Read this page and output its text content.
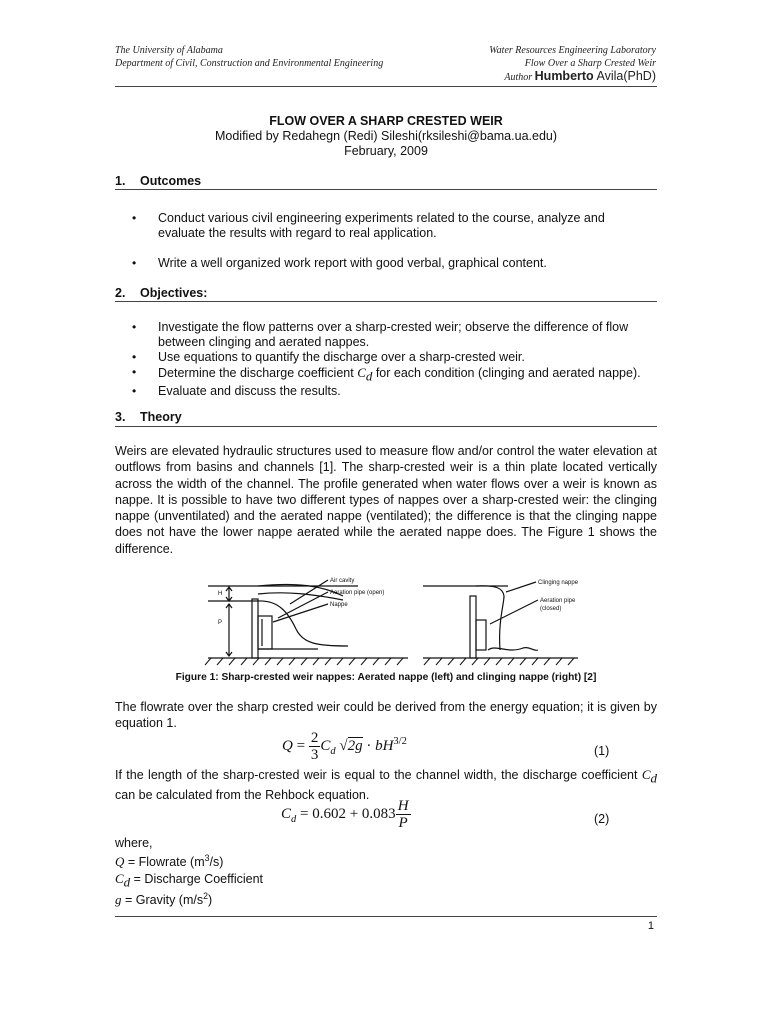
The University of Alabama
Department of Civil, Construction and Environmental Engineering
Water Resources Engineering Laboratory
Flow Over a Sharp Crested Weir
Author Humberto Avila(PhD)
FLOW OVER A SHARP CRESTED WEIR
Modified by Redahegn (Redi) Sileshi(rksileshi@bama.ua.edu)
February, 2009
1. Outcomes
• Conduct various civil engineering experiments related to the course, analyze and evaluate the results with regard to real application.
• Write a well organized work report with good verbal, graphical content.
2. Objectives:
• Investigate the flow patterns over a sharp-crested weir; observe the difference of flow between clinging and aerated nappes.
• Use equations to quantify the discharge over a sharp-crested weir.
• Determine the discharge coefficient $C_d$ for each condition (clinging and aerated nappe).
• Evaluate and discuss the results.
3. Theory
Weirs are elevated hydraulic structures used to measure flow and/or control the water elevation at outflows from basins and channels [1]. The sharp-crested weir is a thin plate located vertically across the width of the channel. The profile generated when water flows over a weir is known as nappe. It is possible to have two different types of nappes over a sharp-crested weir: the clinging nappe (unventilated) and the aerated nappe (ventilated); the difference is that the clinging nappe does not have the lower nappe aerated while the aerated nappe does. The Figure 1 shows the difference.
H
P
Air cavity
Aeration pipe (open)
Nappe
Clinging nappe
Aeration pipe
(closed)
Figure 1: Sharp-crested weir nappes: Aerated nappe (left) and clinging nappe (right) [2]
The flowrate over the sharp crested weir could be derived from the energy equation; it is given by equation 1.
$Q = \frac{2}{3} C_d$ $√2g \cdot bH^{3/2}$
(1)
If the length of the sharp-crested weir is equal to the channel width, the discharge coefficient $C_d$ can be calculated from the Rehbock equation.
$C_d = 0.602 + 0.083 \frac{H}{P}$	(2)
where,
Q = Flowrate $(m^3/s)$
$C_d$ = Discharge Coefficient
g = Gravity $(m/s^2)$
1
